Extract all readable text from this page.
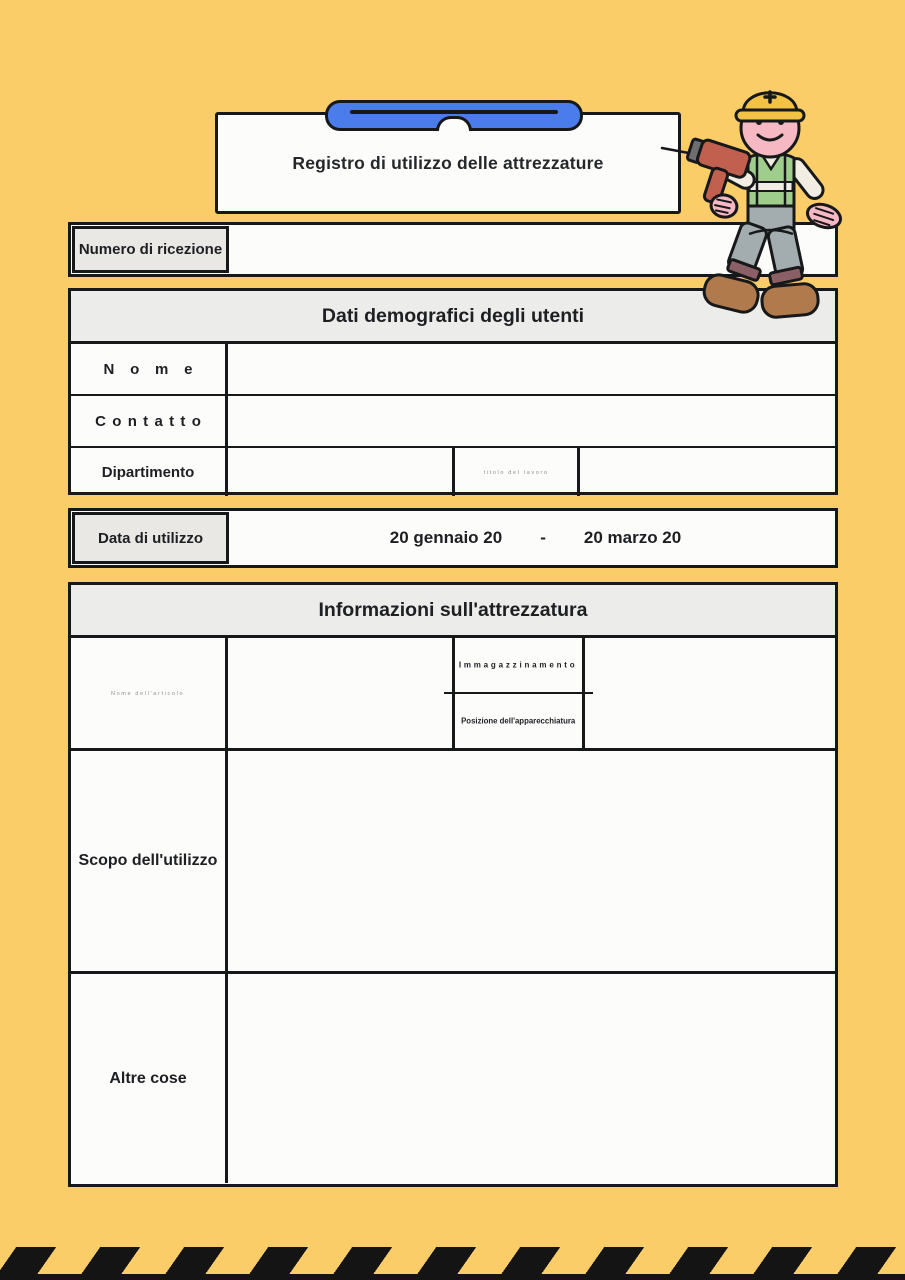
Registro di utilizzo delle attrezzature
Numero di ricezione
Dati demografici degli utenti
Nome
Contatto
Dipartimento	titolo del lavoro
Data di utilizzo	20 gennaio 20 - 20 marzo 20
Informazioni sull'attrezzatura
Nome dell'articolo
Immagazzinamento
Posizione dell'apparecchiatura
Scopo dell'utilizzo
Altre cose
